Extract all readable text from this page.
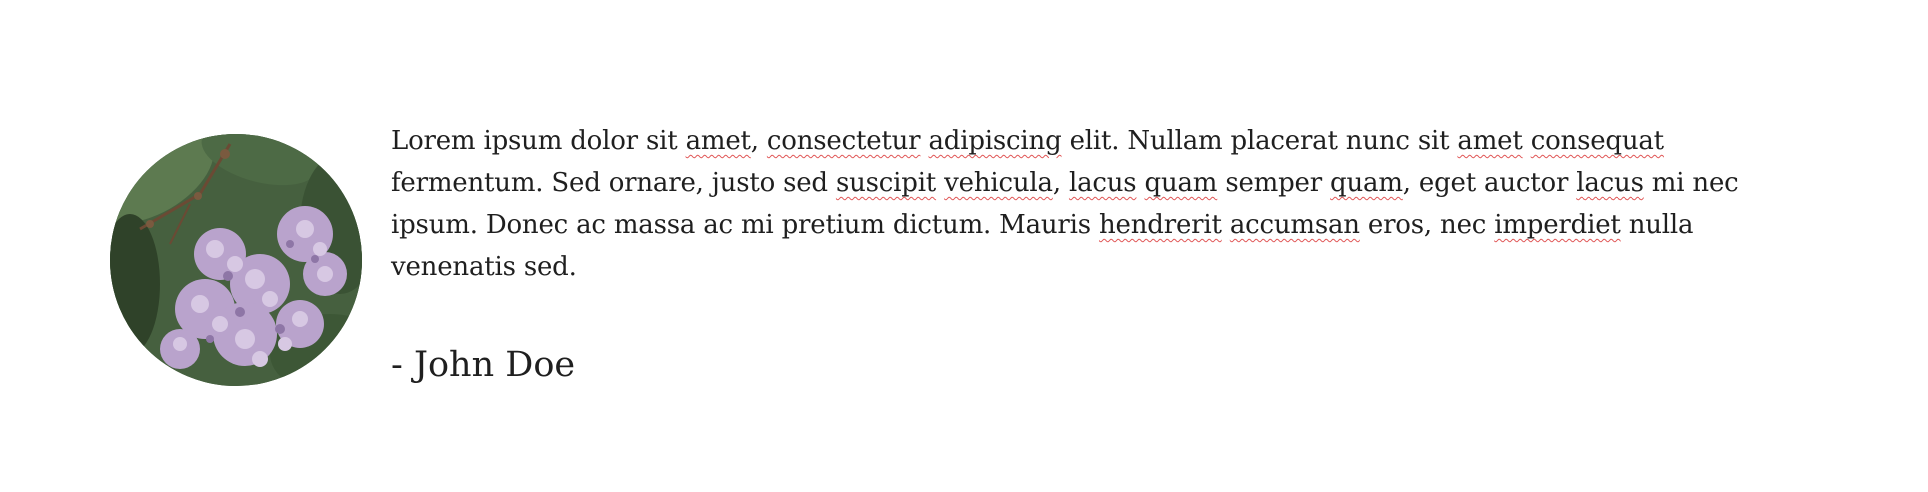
Lorem ipsum dolor sit amet, consectetur adipiscing elit. Nullam placerat nunc sit amet consequat fermentum. Sed ornare, justo sed suscipit vehicula, lacus quam semper quam, eget auctor lacus mi nec ipsum. Donec ac massa ac mi pretium dictum. Mauris hendrerit accumsan eros, nec imperdiet nulla venenatis sed.

- John Doe
